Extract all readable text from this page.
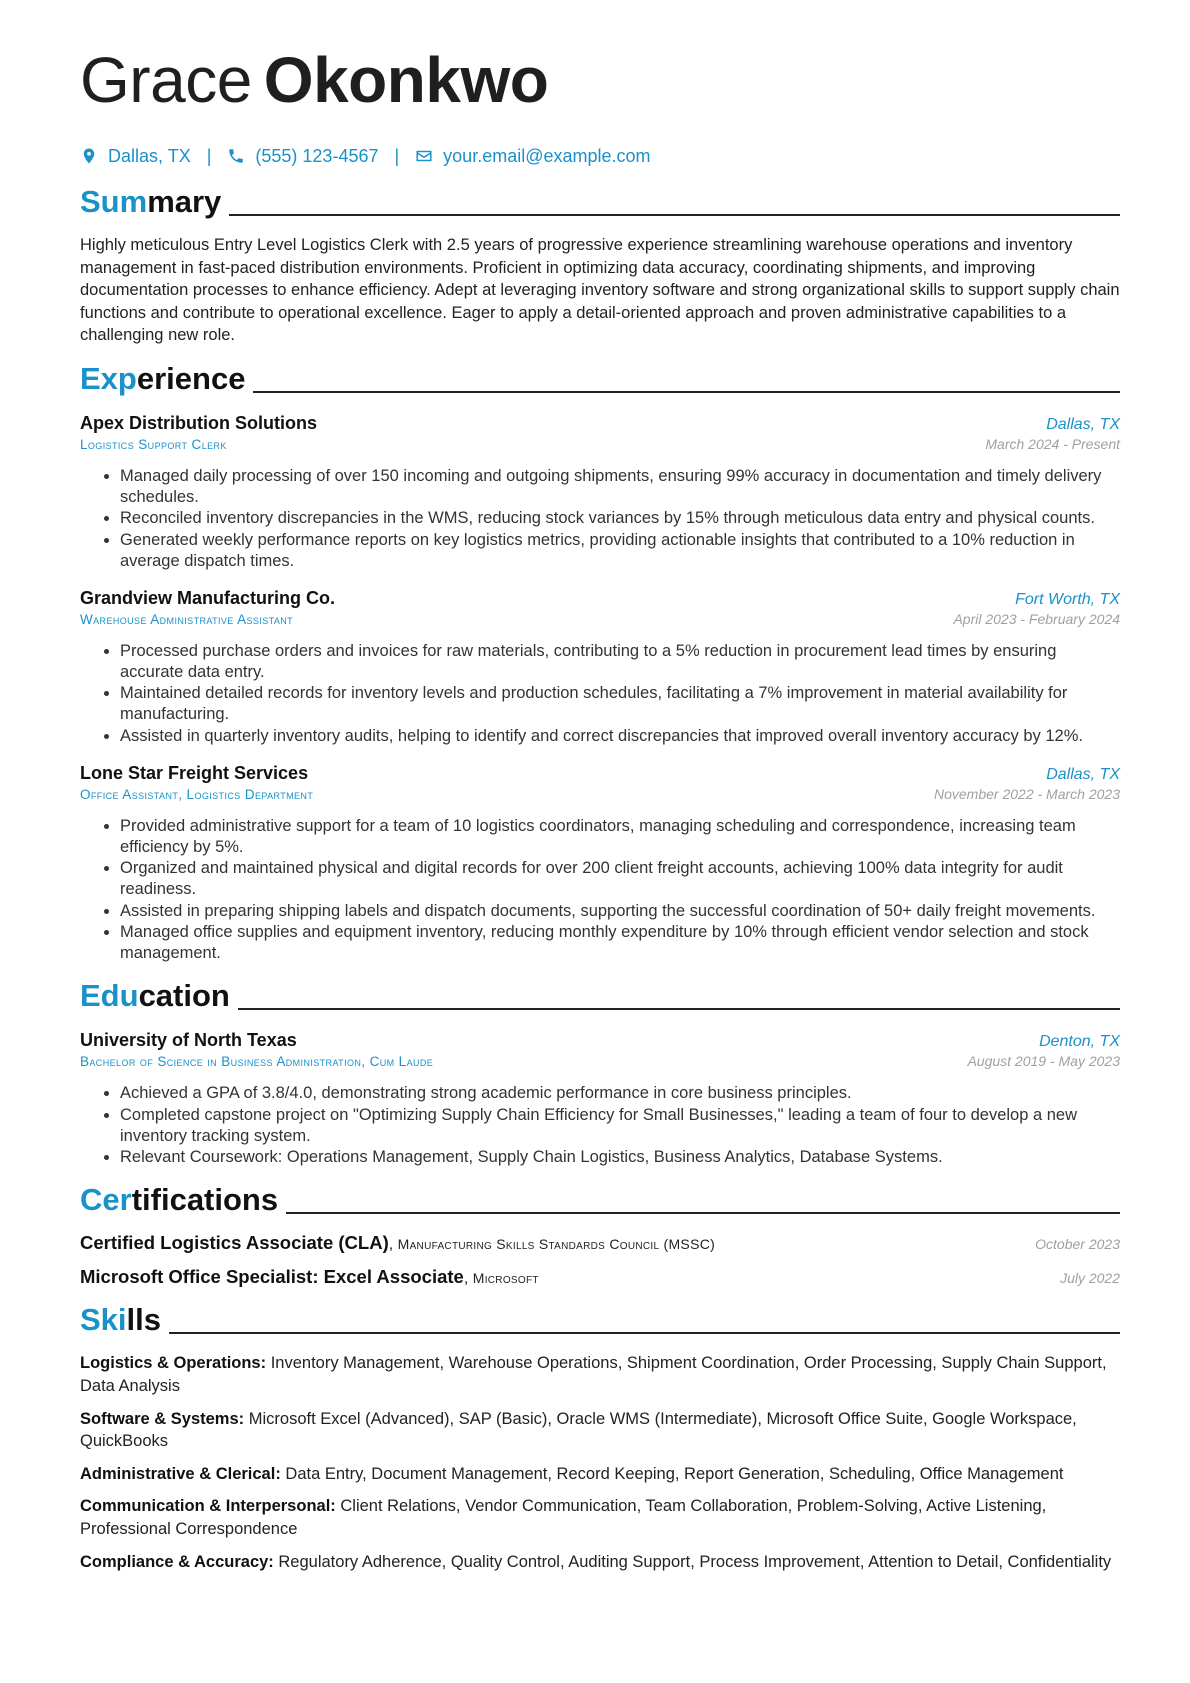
Grace Okonkwo
Dallas, TX | (555) 123-4567 | your.email@example.com
Summary

Highly meticulous Entry Level Logistics Clerk with 2.5 years of progressive experience streamlining warehouse operations and inventory management in fast-paced distribution environments. Proficient in optimizing data accuracy, coordinating shipments, and improving documentation processes to enhance efficiency. Adept at leveraging inventory software and strong organizational skills to support supply chain functions and contribute to operational excellence. Eager to apply a detail-oriented approach and proven administrative capabilities to a challenging new role.

Experience
Apex Distribution Solutions	Dallas, TX
Logistics Support Clerk	March 2024 - Present
• Managed daily processing of over 150 incoming and outgoing shipments, ensuring 99% accuracy in documentation and timely delivery schedules.
• Reconciled inventory discrepancies in the WMS, reducing stock variances by 15% through meticulous data entry and physical counts.
• Generated weekly performance reports on key logistics metrics, providing actionable insights that contributed to a 10% reduction in average dispatch times.
Grandview Manufacturing Co.	Fort Worth, TX
Warehouse Administrative Assistant	April 2023 - February 2024
• Processed purchase orders and invoices for raw materials, contributing to a 5% reduction in procurement lead times by ensuring accurate data entry.
• Maintained detailed records for inventory levels and production schedules, facilitating a 7% improvement in material availability for manufacturing.
• Assisted in quarterly inventory audits, helping to identify and correct discrepancies that improved overall inventory accuracy by 12%.
Lone Star Freight Services	Dallas, TX
Office Assistant, Logistics Department	November 2022 - March 2023
• Provided administrative support for a team of 10 logistics coordinators, managing scheduling and correspondence, increasing team efficiency by 5%.
• Organized and maintained physical and digital records for over 200 client freight accounts, achieving 100% data integrity for audit readiness.
• Assisted in preparing shipping labels and dispatch documents, supporting the successful coordination of 50+ daily freight movements.
• Managed office supplies and equipment inventory, reducing monthly expenditure by 10% through efficient vendor selection and stock management.
Education
University of North Texas	Denton, TX
Bachelor of Science in Business Administration, Cum Laude	August 2019 - May 2023
• Achieved a GPA of 3.8/4.0, demonstrating strong academic performance in core business principles.
• Completed capstone project on "Optimizing Supply Chain Efficiency for Small Businesses," leading a team of four to develop a new inventory tracking system.
• Relevant Coursework: Operations Management, Supply Chain Logistics, Business Analytics, Database Systems.
Certifications
Certified Logistics Associate (CLA), Manufacturing Skills Standards Council (MSSC)	October 2023
Microsoft Office Specialist: Excel Associate, Microsoft	July 2022
Skills

Logistics & Operations: Inventory Management, Warehouse Operations, Shipment Coordination, Order Processing, Supply Chain Support, Data Analysis

Software & Systems: Microsoft Excel (Advanced), SAP (Basic), Oracle WMS (Intermediate), Microsoft Office Suite, Google Workspace, QuickBooks

Administrative & Clerical: Data Entry, Document Management, Record Keeping, Report Generation, Scheduling, Office Management

Communication & Interpersonal: Client Relations, Vendor Communication, Team Collaboration, Problem-Solving, Active Listening, Professional Correspondence

Compliance & Accuracy: Regulatory Adherence, Quality Control, Auditing Support, Process Improvement, Attention to Detail, Confidentiality
